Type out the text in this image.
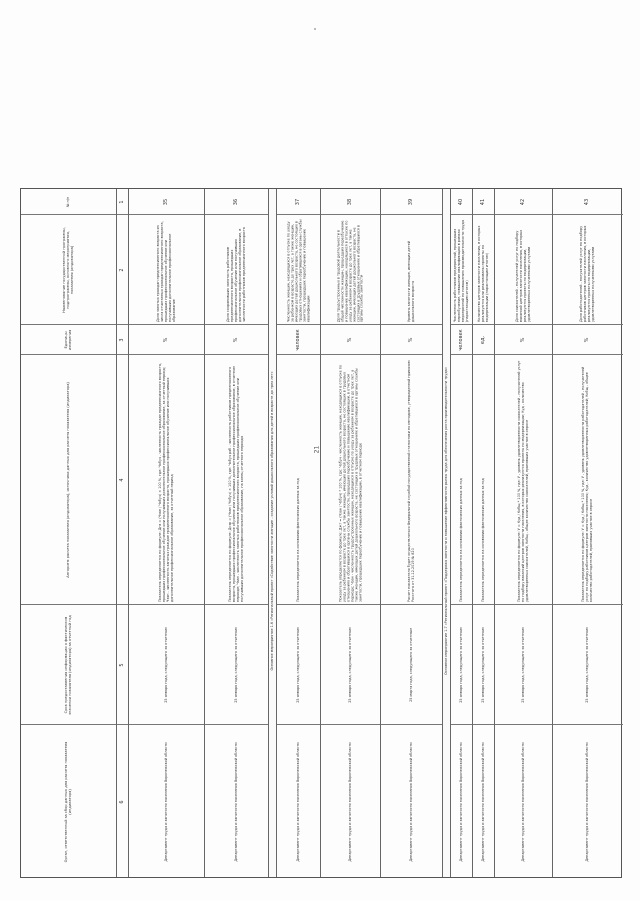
21
№ п/п
Наименование государственной программы, подпрограммы, основного мероприятия, показателя (индикатора)
Единицы измерения
Алгоритм расчета показателя (индикатора), источники данных для расчета показателя (индикатора)
Срок предоставления информации о фактическом значении показателя (индикатора) за отчетный год
Орган, ответственный за сбор данных для расчета показателя (индикатора)
1
2
3
4
5
6
35
Доля занятых граждан предпенсионного возраста из числа отчитанных граждан предпенсионного возраста, прошедших профессиональное обучение или получивших дополнительное профессиональное образование
%
Показатель определяется по формуле: Дпз = (Чзан / Чобуч) × 100 %, где: Чобуч - численность граждан предпенсионного возраста, прошедших профессиональное обучение или получивших дополнительное профессиональное образование, за отчетный период; Чзан - численность занятых граждан предпенсионного возраста, прошедших профессиональное обучение или получивших дополнительное профессиональное образование, за отчетный период
25 января года, следующего за отчетным
Департамент труда и занятости населения Воронежской области
36
Доля сохранивших занятость работников предпенсионного возраста, прошедших профессиональное обучение или получивших дополнительное профессиональное образование, в численности работников предпенсионного возраста
%
Показатель определяется по формуле: Дсзр = (Чзан / Чобуч) × 100 %, где: Чобуч раб - численность работников предпенсионного возраста, прошедших профессиональное обучение или получивших дополнительное профессиональное образование, в отчетном периоде; Чзан - численность занятых работников предпенсионного возраста, прошедших профессиональное обучение или получивших дополнительное профессиональное образование, на конец отчетного периода
25 января года, следующего за отчетным
Департамент труда и занятости населения Воронежской области
Основное мероприятие 1.6 «Региональный проект «Содействие занятости женщин - создание условий дошкольного образования для детей в возрасте до трех лет»
37
Численность женщин, находящихся в отпуске по уходу за ребенком в возрасте до трех лет, а также женщин, имеющих детей дошкольного возраста, не состоящих в трудовых отношениях и обратившихся в органы службы занятости, прошедших переобучение и повышение квалификации
человек
Показатель определяется на основании фактических данных за год
25 января года, следующего за отчетным
Департамент труда и занятости населения Воронежской области
38
Доля трудоустроенных в трудовой деятельности в общей численности женщин, прошедших переобучение и повышение квалификации, находящихся в отпуске по уходу за ребенком в возрасте до трех лет, а также женщин, имеющих детей дошкольного возраста, не состоящих в трудовых отношениях и обратившихся в органы службы занятости
%
Показатель определяется по формуле: Джт = (Чзан / Чобуч) * 100 %, где: Чобуч - численность женщин, находящихся в отпуске по уходу за ребенком в возрасте до трех лет, а также женщин, имеющих детей дошкольного возраста, не состоящих в трудовых отношениях и обратившихся в органы службы занятости, прошедших переобучение и повышение квалификации, в отчетном периоде; Чзан - численность трудоустроенных женщин, находящихся в отпуске по уходу за ребенком в возрасте до трех лет, а также женщин, имеющих детей дошкольного возраста, не состоящих в трудовых отношениях и обратившихся в органы службы занятости, прошедших переобучение и повышение квалификации, в отчетном периоде
25 января года, следующего за отчетным
Департамент труда и занятости населения Воронежской области
39
Уровень занятости женщин, имеющих детей дошкольного возраста
%
Расчет показателя будет осуществляться Федеральной службой государственной статистики по методике, утвержденной приказом Росстата от 31.12.2019 № 820
25 марта года, следующего за отчетным
Департамент труда и занятости населения Воронежской области
Основное мероприятие 1.7 «Региональный проект «Поддержка занятости и повышение эффективности рынка труда для обеспечения роста производительности труда»
40
Численность работников предприятий, прошедших переобучение, повышение квалификации в рамках мероприятий по повышению производительности труда (нарастающим итогом)
человек
Показатель определяется на основании фактических данных за год
25 января года, следующего за отчетным
Департамент труда и занятости населения Воронежской области
41
Количество центров занятости населения, в которых реализуются или реализованы проекты по модернизации (нарастающим итогом)
ед.
Показатель определяется на основании фактических данных за год
25 января года, следующего за отчетным
Департамент труда и занятости населения Воронежской области
42
Доля соискателей - получателей услуг по подбору вакансий центров занятости населения, в которых реализуются проекты по модернизации, удовлетворенных полученными услугами
%
Показатель определяется по формуле: У = Куд / Кобщ * 100 %, где: У - уровень удовлетворенности соискателей - получателей услуг по подбору вакансий центров занятости населения, в которых реализуются проекты по модернизации; Куд - количество удовлетворенных соискателей, Кобщ - общее количество соискателей, принявших участие в опросе
25 января года, следующего за отчетным
Департамент труда и занятости населения Воронежской области
43
Доля работодателей - получателей услуг по подбору работников центров занятости населения, в которых реализуются проекты по модернизации, удовлетворенных полученными услугами
%
Показатель определяется по формуле: У = Куд / Кобщ * 100 %, где: У - уровень удовлетворенности работодателей - получателей услуг по подбору работников центров занятости населения; Куд - количество удовлетворенных работодателей; Кобщ - общее количество работодателей, принявших участие в опросе
25 января года, следующего за отчетным
Департамент труда и занятости населения Воронежской области
